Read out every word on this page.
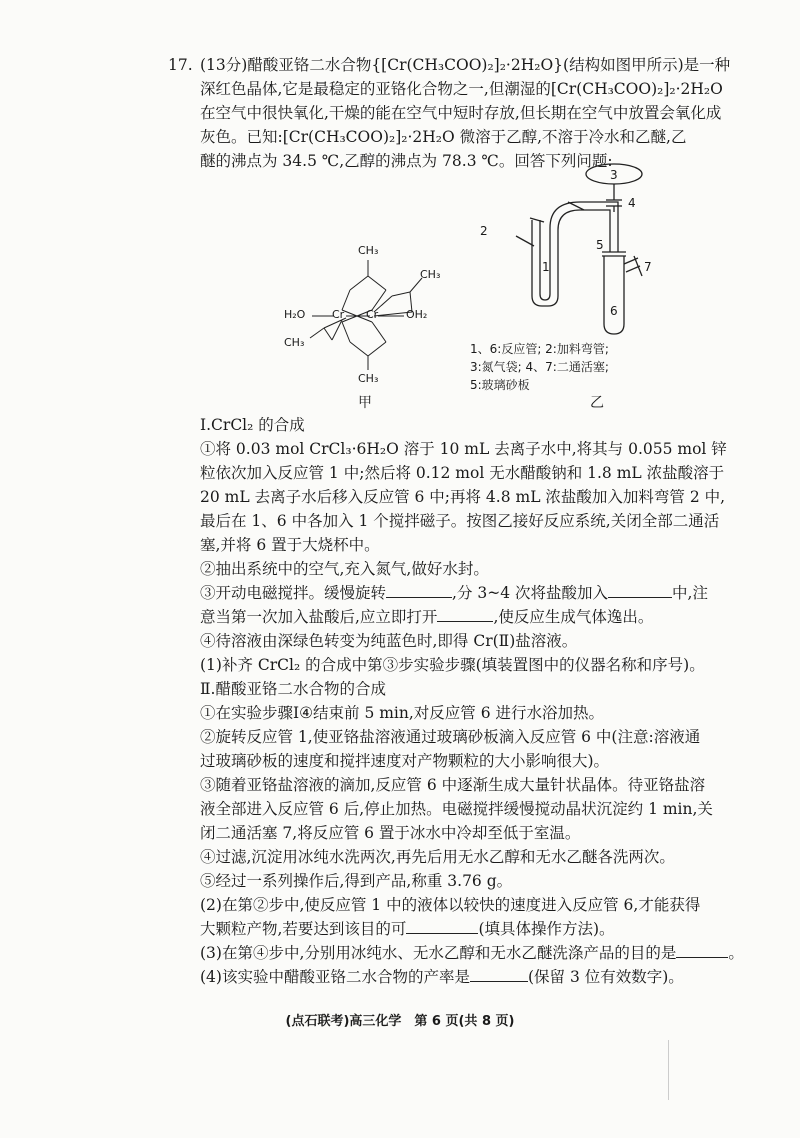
17. (13分)醋酸亚铬二水合物{[Cr(CH₃COO)₂]₂·2H₂O}(结构如图甲所示)是一种
深红色晶体,它是最稳定的亚铬化合物之一,但潮湿的[Cr(CH₃COO)₂]₂·2H₂O
在空气中很快氧化,干燥的能在空气中短时存放,但长期在空气中放置会氧化成
灰色。已知:[Cr(CH₃COO)₂]₂·2H₂O 微溶于乙醇,不溶于冷水和乙醚,乙
醚的沸点为 34.5 ℃,乙醇的沸点为 78.3 ℃。回答下列问题:
CH₃
CH₃
H₂O Cr Cr	OH₂
CH₃
CH₃
甲
3
2
4
5
1	7
6
1、6:反应管; 2:加料弯管;
3:氮气袋; 4、7:二通活塞;
5:玻璃砂板
乙
Ⅰ.CrCl₂ 的合成
①将 0.03 mol CrCl₃·6H₂O 溶于 10 mL 去离子水中,将其与 0.055 mol 锌
粒依次加入反应管 1 中;然后将 0.12 mol 无水醋酸钠和 1.8 mL 浓盐酸溶于
20 mL 去离子水后移入反应管 6 中;再将 4.8 mL 浓盐酸加入加料弯管 2 中,
最后在 1、6 中各加入 1 个搅拌磁子。按图乙接好反应系统,关闭全部二通活
塞,并将 6 置于大烧杯中。
②抽出系统中的空气,充入氮气,做好水封。
③开动电磁搅拌。缓慢旋转	,分 3~4 次将盐酸加入	中,注
意当第一次加入盐酸后,应立即打开	,使反应生成气体逸出。
④待溶液由深绿色转变为纯蓝色时,即得 Cr(Ⅱ)盐溶液。
(1)补齐 CrCl₂ 的合成中第③步实验步骤(填装置图中的仪器名称和序号)。
Ⅱ.醋酸亚铬二水合物的合成
①在实验步骤Ⅰ④结束前 5 min,对反应管 6 进行水浴加热。
②旋转反应管 1,使亚铬盐溶液通过玻璃砂板滴入反应管 6 中(注意:溶液通
过玻璃砂板的速度和搅拌速度对产物颗粒的大小影响很大)。
③随着亚铬盐溶液的滴加,反应管 6 中逐渐生成大量针状晶体。待亚铬盐溶
液全部进入反应管 6 后,停止加热。电磁搅拌缓慢搅动晶状沉淀约 1 min,关
闭二通活塞 7,将反应管 6 置于冰水中冷却至低于室温。
④过滤,沉淀用冰纯水洗两次,再先后用无水乙醇和无水乙醚各洗两次。
⑤经过一系列操作后,得到产品,称重 3.76 g。
(2)在第②步中,使反应管 1 中的液体以较快的速度进入反应管 6,才能获得
大颗粒产物,若要达到该目的可	(填具体操作方法)。
(3)在第④步中,分别用冰纯水、无水乙醇和无水乙醚洗涤产品的目的是	。
(4)该实验中醋酸亚铬二水合物的产率是	(保留 3 位有效数字)。
(点石联考)高三化学　第 6 页(共 8 页)
